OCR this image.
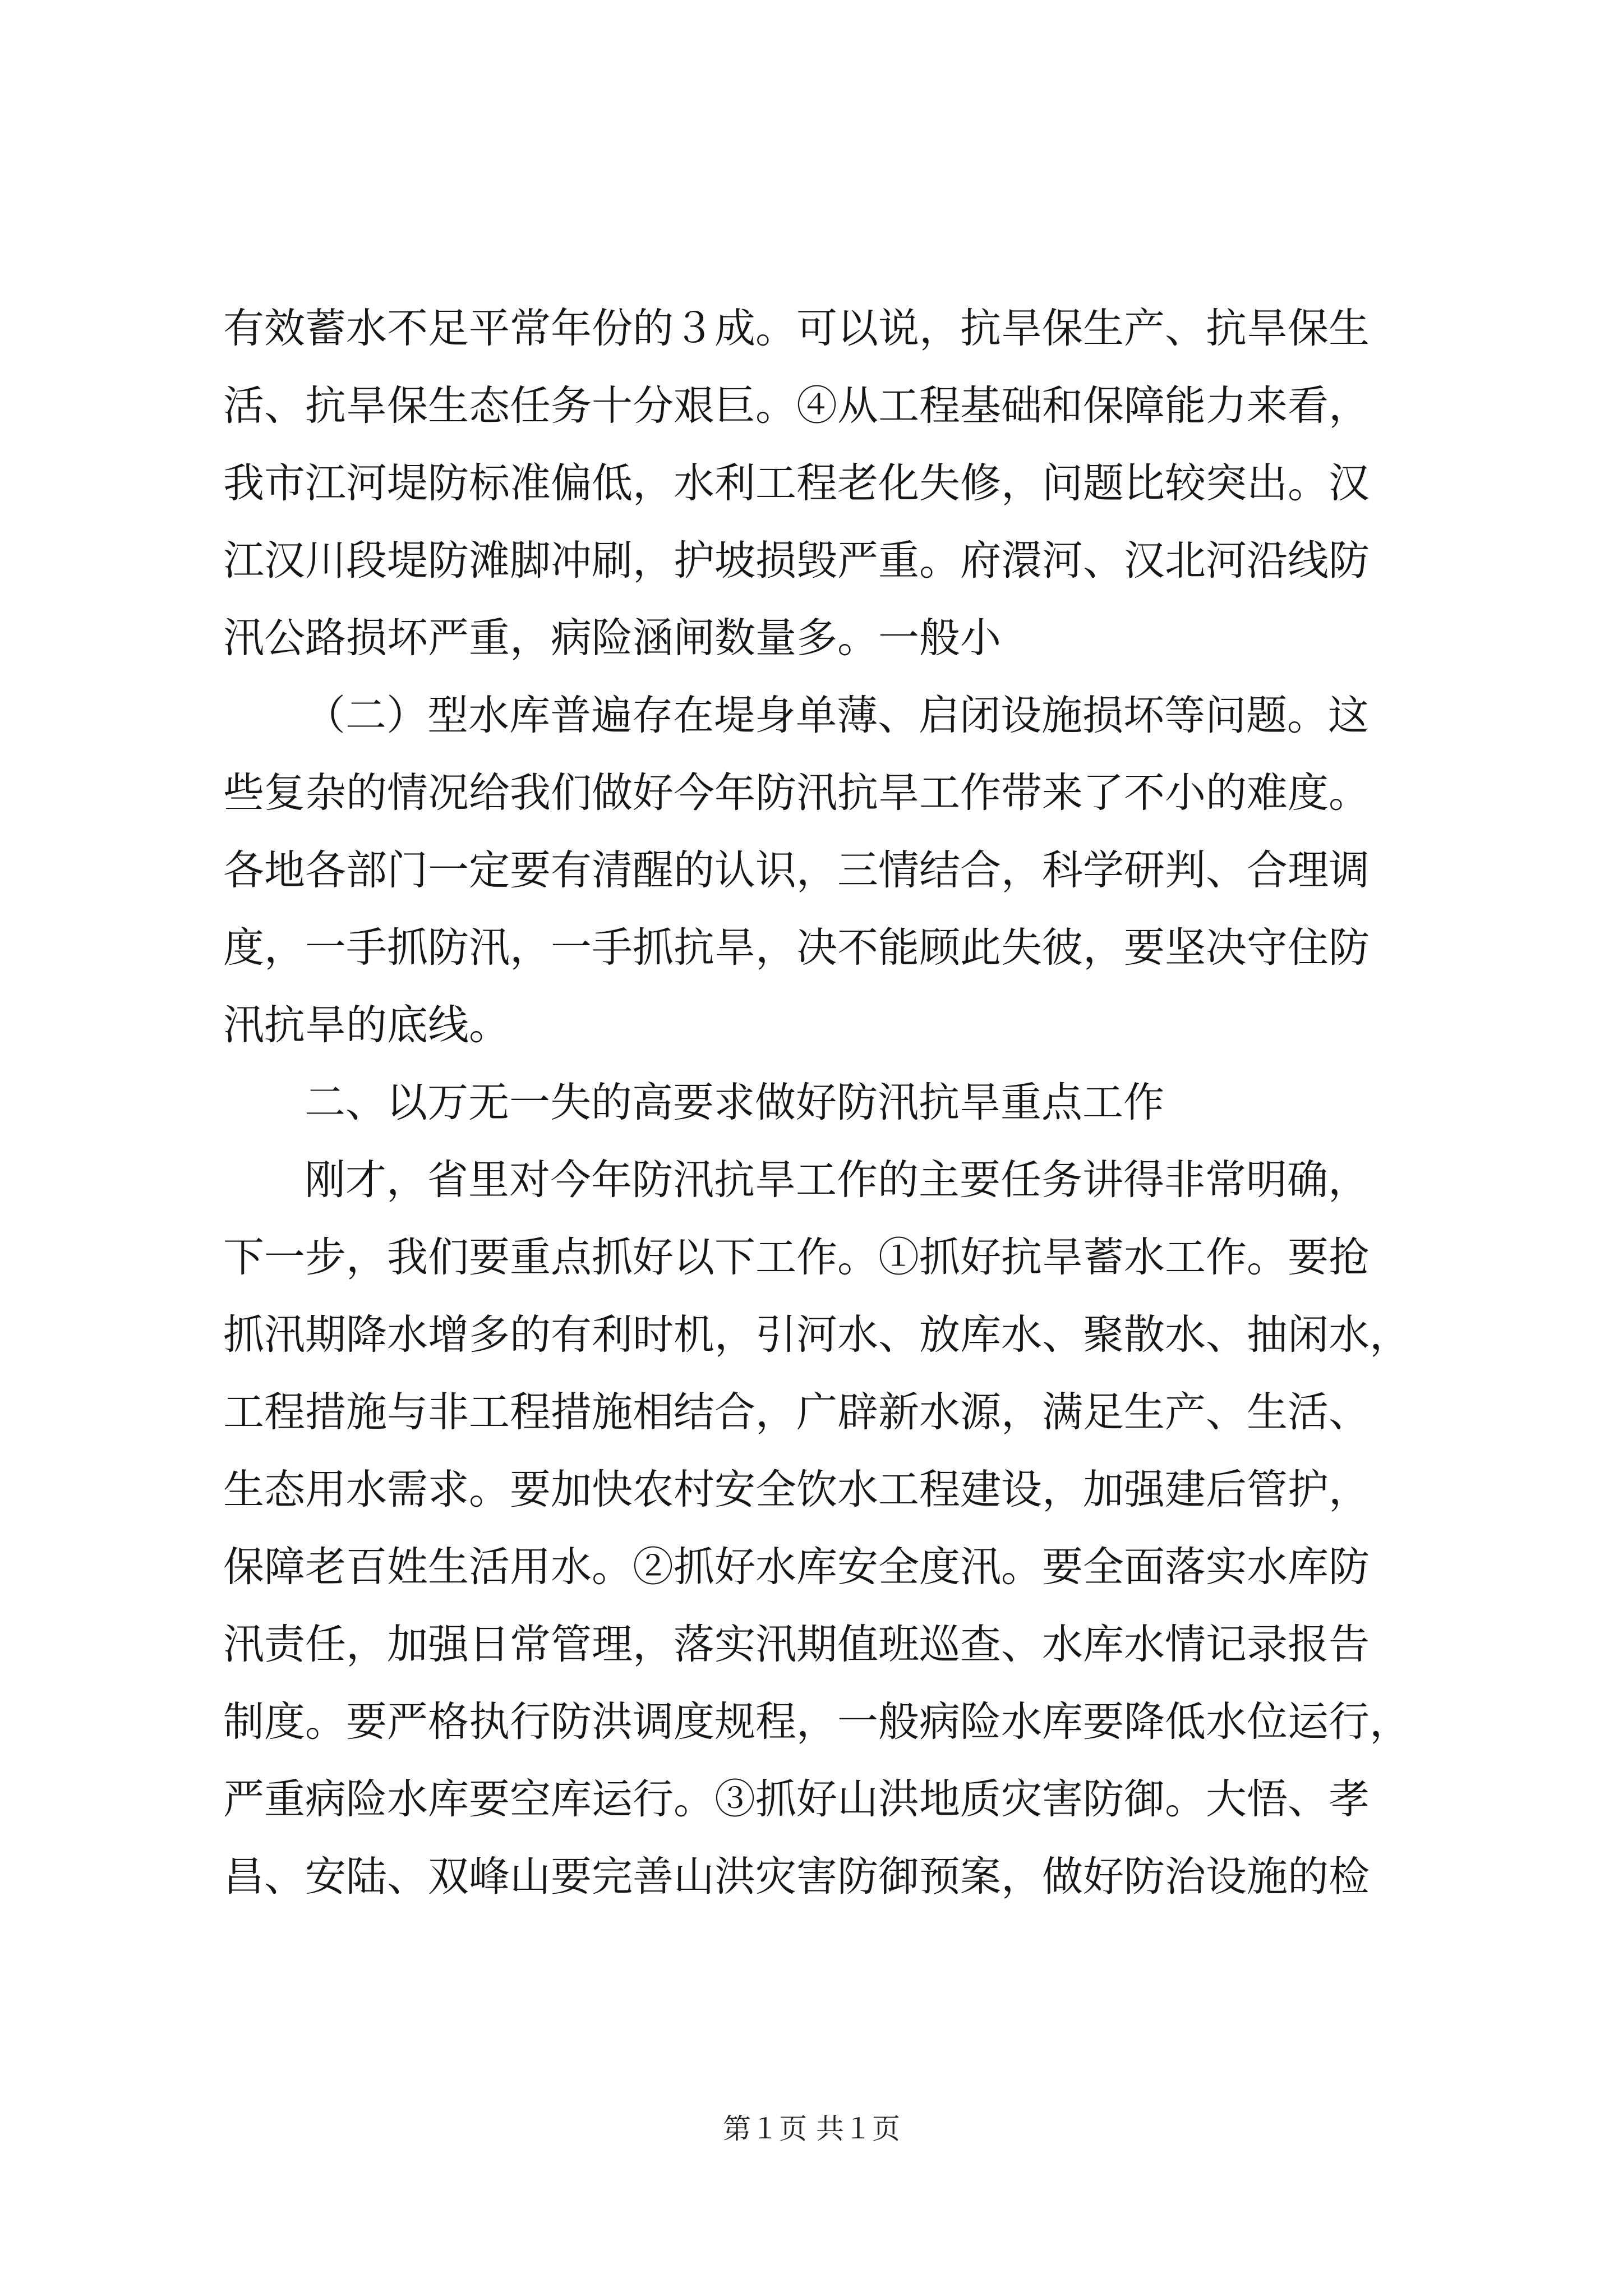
有效蓄水不足平常年份的３成。可以说，抗旱保生产、抗旱保生
活、抗旱保生态任务十分艰巨。④从工程基础和保障能力来看，
我市江河堤防标准偏低，水利工程老化失修，问题比较突出。汉
江汉川段堤防滩脚冲刷，护坡损毁严重。府澴河、汉北河沿线防
汛公路损坏严重，病险涵闸数量多。一般小
（二）型水库普遍存在堤身单薄、启闭设施损坏等问题。这
些复杂的情况给我们做好今年防汛抗旱工作带来了不小的难度。
各地各部门一定要有清醒的认识，三情结合，科学研判、合理调
度，一手抓防汛，一手抓抗旱，决不能顾此失彼，要坚决守住防
汛抗旱的底线。
二、以万无一失的高要求做好防汛抗旱重点工作
刚才，省里对今年防汛抗旱工作的主要任务讲得非常明确，
下一步，我们要重点抓好以下工作。①抓好抗旱蓄水工作。要抢
抓汛期降水增多的有利时机，引河水、放库水、聚散水、抽闲水，
工程措施与非工程措施相结合，广辟新水源，满足生产、生活、
生态用水需求。要加快农村安全饮水工程建设，加强建后管护，
保障老百姓生活用水。②抓好水库安全度汛。要全面落实水库防
汛责任，加强日常管理，落实汛期值班巡查、水库水情记录报告
制度。要严格执行防洪调度规程，一般病险水库要降低水位运行，
严重病险水库要空库运行。③抓好山洪地质灾害防御。大悟、孝
昌、安陆、双峰山要完善山洪灾害防御预案，做好防治设施的检
第１页 共１页
